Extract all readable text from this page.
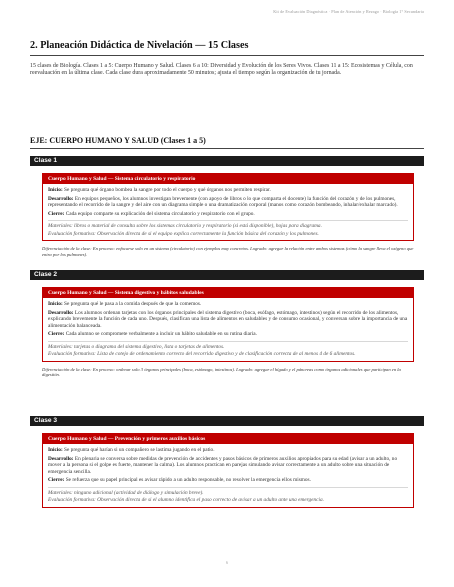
Kit de Evaluación Diagnóstica · Plan de Atención y Rezago · Biología 1° Secundaria
2. Planeación Didáctica de Nivelación — 15 Clases
15 clases de Biología. Clases 1 a 5: Cuerpo Humano y Salud. Clases 6 a 10: Diversidad y Evolución de los Seres Vivos. Clases 11 a 15: Ecosistemas y Célula, con reevaluación en la última clase. Cada clase dura aproximadamente 50 minutos; ajusta el tiempo según la organización de tu jornada.
EJE: CUERPO HUMANO Y SALUD (Clases 1 a 5)
Clase 1
Cuerpo Humano y Salud — Sistema circulatorio y respiratorio
Inicio: Se pregunta qué órgano bombea la sangre por todo el cuerpo y qué órganos nos permiten respirar.
Desarrollo: En equipos pequeños, los alumnos investigan brevemente (con apoyo de libros o lo que comparta el docente) la función del corazón y de los pulmones, representando el recorrido de la sangre y del aire con un diagrama simple o una dramatización corporal (manos como corazón bombeando, inhalar/exhalar marcado).
Cierre: Cada equipo comparte su explicación del sistema circulatorio y respiratorio con el grupo.
Materiales: libros o material de consulta sobre los sistemas circulatorio y respiratorio (si está disponible), hojas para diagrama.
Evaluación formativa: Observación directa de si el equipo explica correctamente la función básica del corazón y los pulmones.
Diferenciación de la clase: En proceso: enfocarse solo en un sistema (circulatorio) con ejemplos muy concretos. Logrado: agregar la relación entre ambos sistemas (cómo la sangre lleva el oxígeno que entra por los pulmones).
Clase 2
Cuerpo Humano y Salud — Sistema digestivo y hábitos saludables
Inicio: Se pregunta qué le pasa a la comida después de que la comemos.
Desarrollo: Los alumnos ordenan tarjetas con los órganos principales del sistema digestivo (boca, esófago, estómago, intestinos) según el recorrido de los alimentos, explicando brevemente la función de cada uno. Después, clasifican una lista de alimentos en saludables y de consumo ocasional, y conversan sobre la importancia de una alimentación balanceada.
Cierre: Cada alumno se compromete verbalmente a incluir un hábito saludable en su rutina diaria.
Materiales: tarjetas o diagrama del sistema digestivo, lista o tarjetas de alimentos.
Evaluación formativa: Lista de cotejo de ordenamiento correcto del recorrido digestivo y de clasificación correcta de al menos 4 de 6 alimentos.
Diferenciación de la clase: En proceso: ordenar solo 3 órganos principales (boca, estómago, intestinos). Logrado: agregar el hígado y el páncreas como órganos adicionales que participan en la digestión.
Clase 3
Cuerpo Humano y Salud — Prevención y primeros auxilios básicos
Inicio: Se pregunta qué harían si un compañero se lastima jugando en el patio.
Desarrollo: En plenaria se conversa sobre medidas de prevención de accidentes y pasos básicos de primeros auxilios apropiados para su edad (avisar a un adulto, no mover a la persona si el golpe es fuerte, mantener la calma). Los alumnos practican en parejas simulando avisar correctamente a un adulto sobre una situación de emergencia sencilla.
Cierre: Se refuerza que su papel principal es avisar rápido a un adulto responsable, no resolver la emergencia ellos mismos.
Materiales: ninguno adicional (actividad de diálogo y simulación breve).
Evaluación formativa: Observación directa de si el alumno identifica el paso correcto de avisar a un adulto ante una emergencia.
6
